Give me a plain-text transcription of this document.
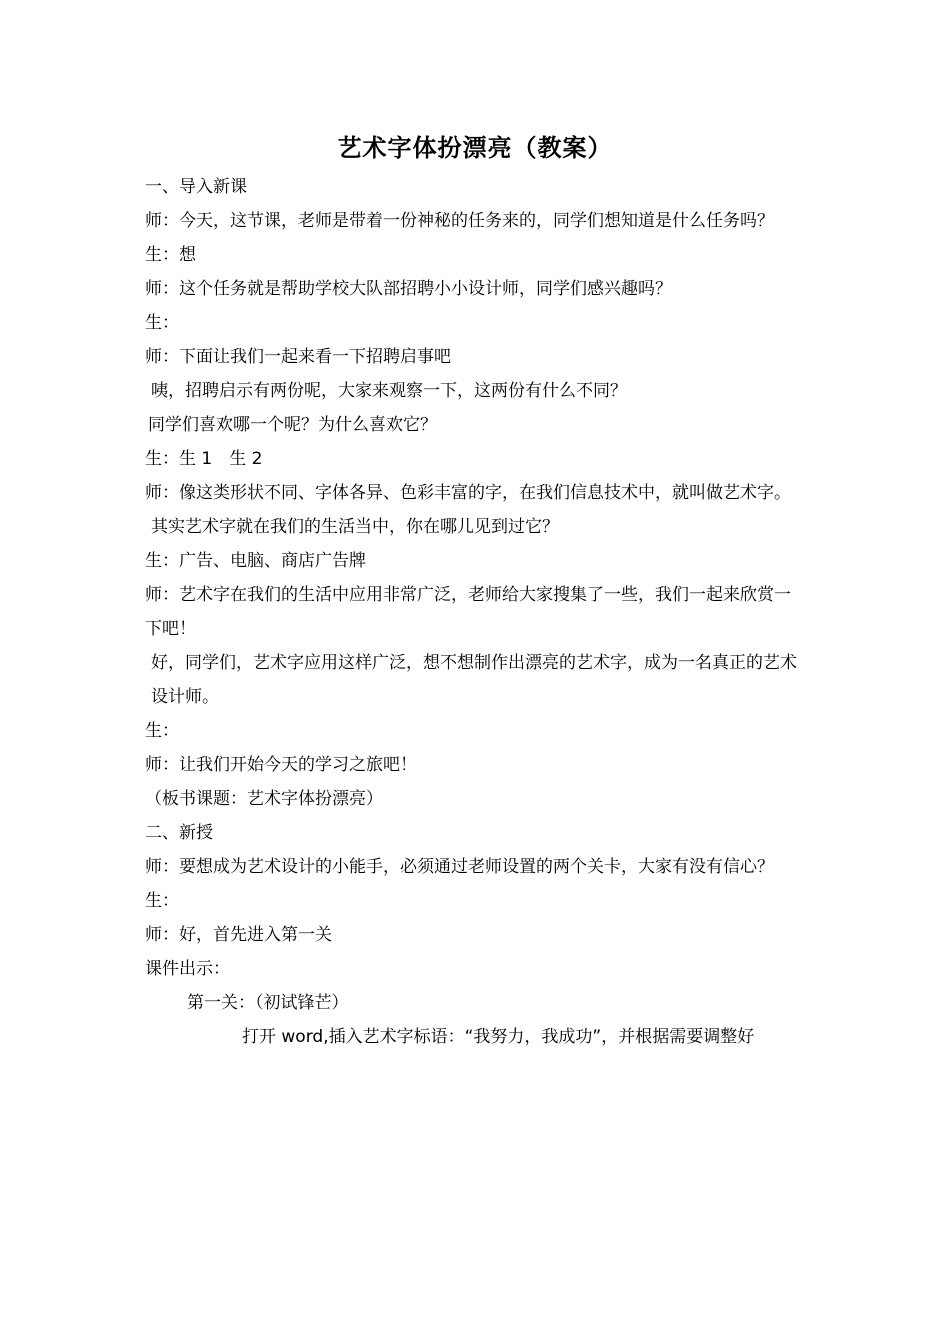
艺术字体扮漂亮（教案）

一、导入新课

师：今天，这节课，老师是带着一份神秘的任务来的，同学们想知道是什么任务吗？

生：想

师：这个任务就是帮助学校大队部招聘小小设计师，同学们感兴趣吗？

生：

师：下面让我们一起来看一下招聘启事吧

咦，招聘启示有两份呢，大家来观察一下，这两份有什么不同？

同学们喜欢哪一个呢？为什么喜欢它？

生：生 1　生 2

师：像这类形状不同、字体各异、色彩丰富的字，在我们信息技术中，就叫做艺术字。

其实艺术字就在我们的生活当中，你在哪儿见到过它？

生：广告、电脑、商店广告牌

师：艺术字在我们的生活中应用非常广泛，老师给大家搜集了一些，我们一起来欣赏一下吧！

好，同学们，艺术字应用这样广泛，想不想制作出漂亮的艺术字，成为一名真正的艺术设计师。

生：

师：让我们开始今天的学习之旅吧！

（板书课题：艺术字体扮漂亮）

二、新授

师：要想成为艺术设计的小能手，必须通过老师设置的两个关卡，大家有没有信心？

生：

师：好，首先进入第一关

课件出示：

第一关：（初试锋芒）

打开 word,插入艺术字标语：“我努力，我成功”，并根据需要调整好
